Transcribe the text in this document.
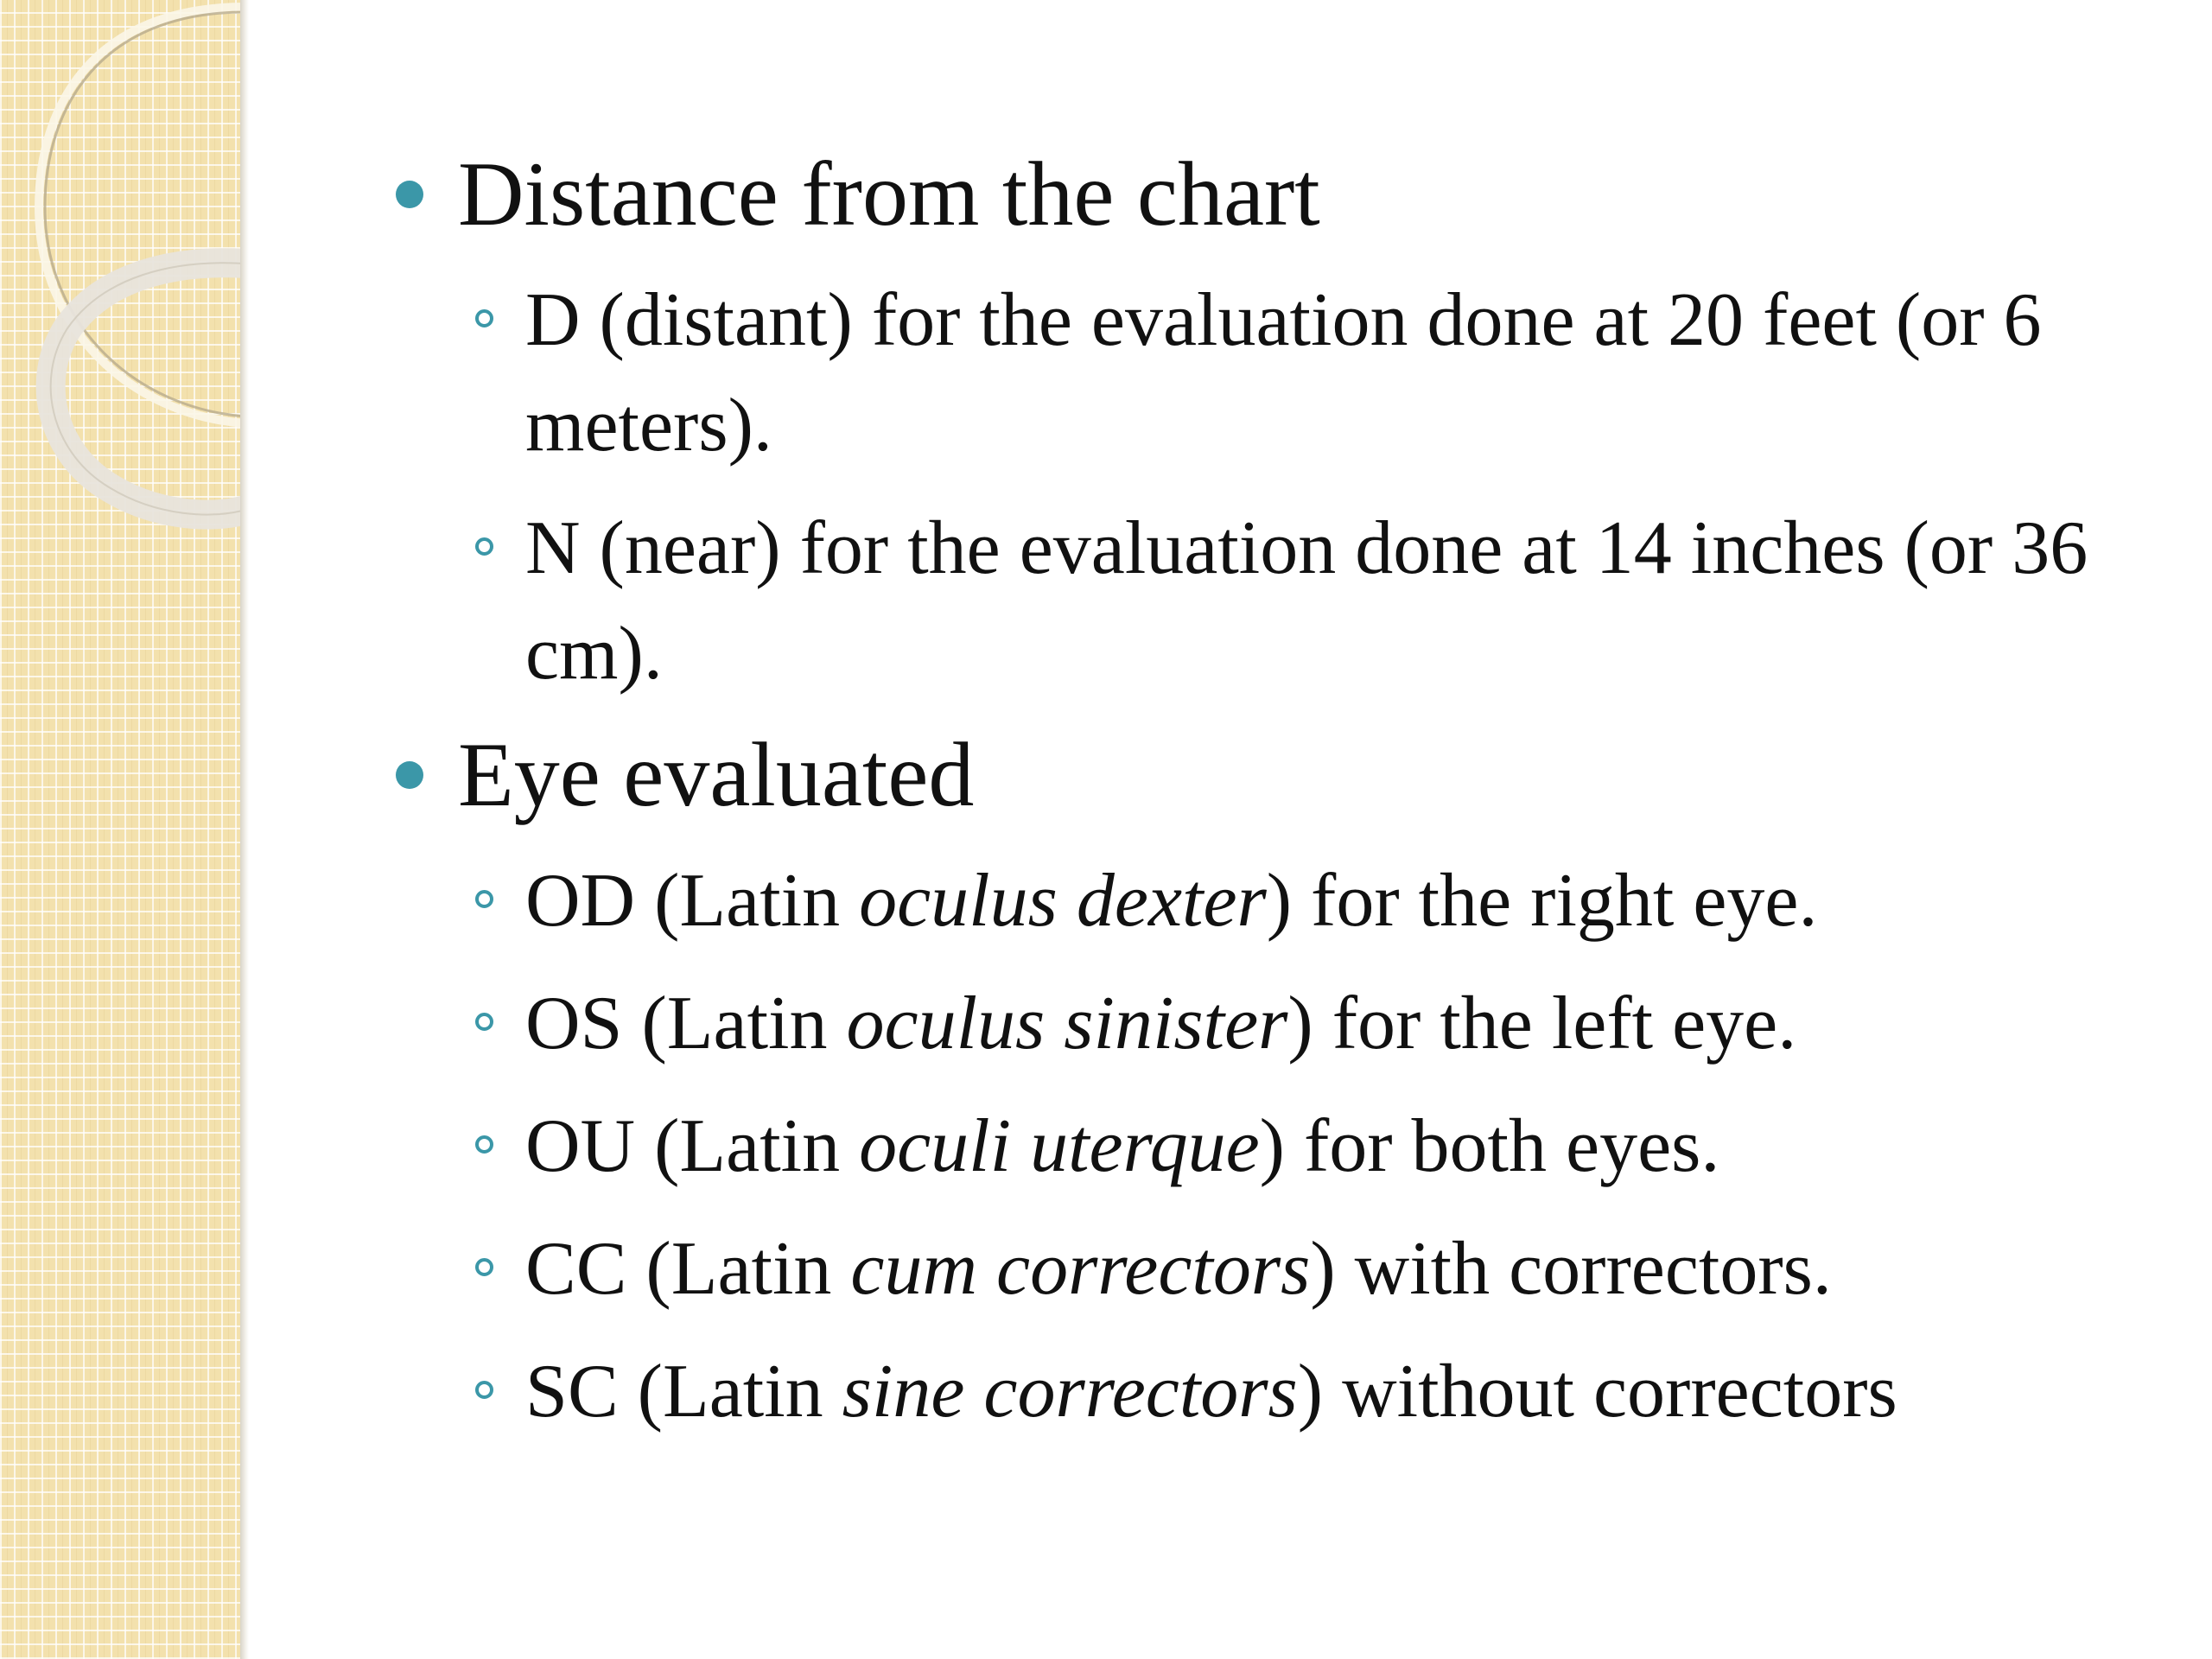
Distance from the chart
D (distant) for the evaluation done at 20 feet (or 6 meters).
N (near) for the evaluation done at 14 inches (or 36 cm).
Eye evaluated
OD (Latin oculus dexter) for the right eye.
OS (Latin oculus sinister) for the left eye.
OU (Latin oculi uterque) for both eyes.
CC (Latin cum correctors) with correctors.
SC (Latin sine correctors) without correctors
